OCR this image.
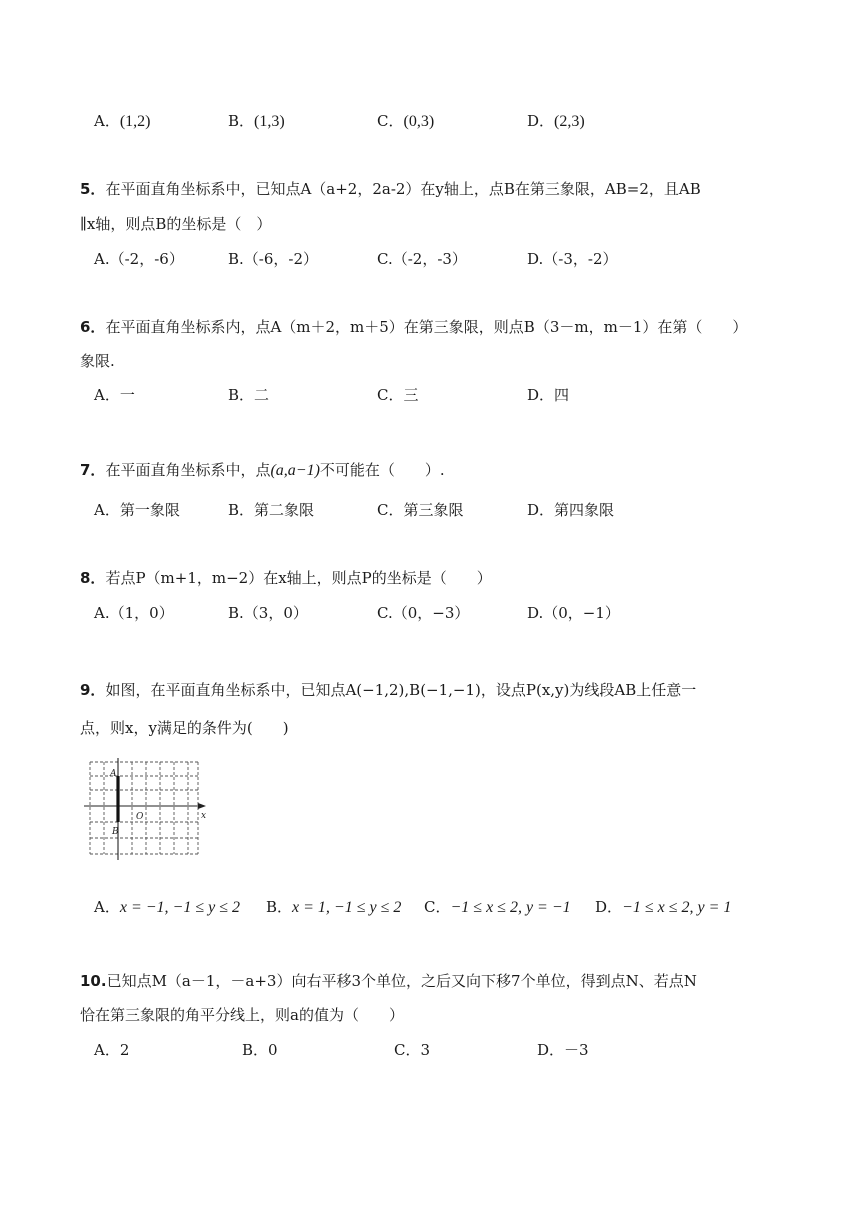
A．(1,2)	B．(1,3)	C．(0,3)	D．(2,3)
5．在平面直角坐标系中，已知点A（a+2，2a-2）在y轴上，点B在第三象限，AB=2，且AB
∥x轴，则点B的坐标是（　）
A.（-2，-6）	B.（-6，-2）	C.（-2，-3）	D.（-3，-2）
6．在平面直角坐标系内，点A（m＋2，m＋5）在第三象限，则点B（3－m，m－1）在第（　　）
象限.
A．一	B．二	C．三	D．四
7．在平面直角坐标系中，点(a,a−1)不可能在（　　）.
A．第一象限	B．第二象限	C．第三象限	D．第四象限
8．若点P（m+1，m−2）在x轴上，则点P的坐标是（　　）
A.（1，0）	B.（3，0）	C.（0，−3）	D.（0，−1）
9．如图，在平面直角坐标系中，已知点A(−1,2),B(−1,−1)，设点P(x,y)为线段AB上任意一
点，则x，y满足的条件为(　　)
A
B
O	x
A．x = −1, −1 ≤ y ≤ 2 B．x = 1, −1 ≤ y ≤ 2 C．−1 ≤ x ≤ 2, y = −1 D．−1 ≤ x ≤ 2, y = 1
10.已知点M（a－1，－a+3）向右平移3个单位，之后又向下移7个单位，得到点N、若点N
恰在第三象限的角平分线上，则a的值为（　　）
A．2	B．0	C．3	D．－3
